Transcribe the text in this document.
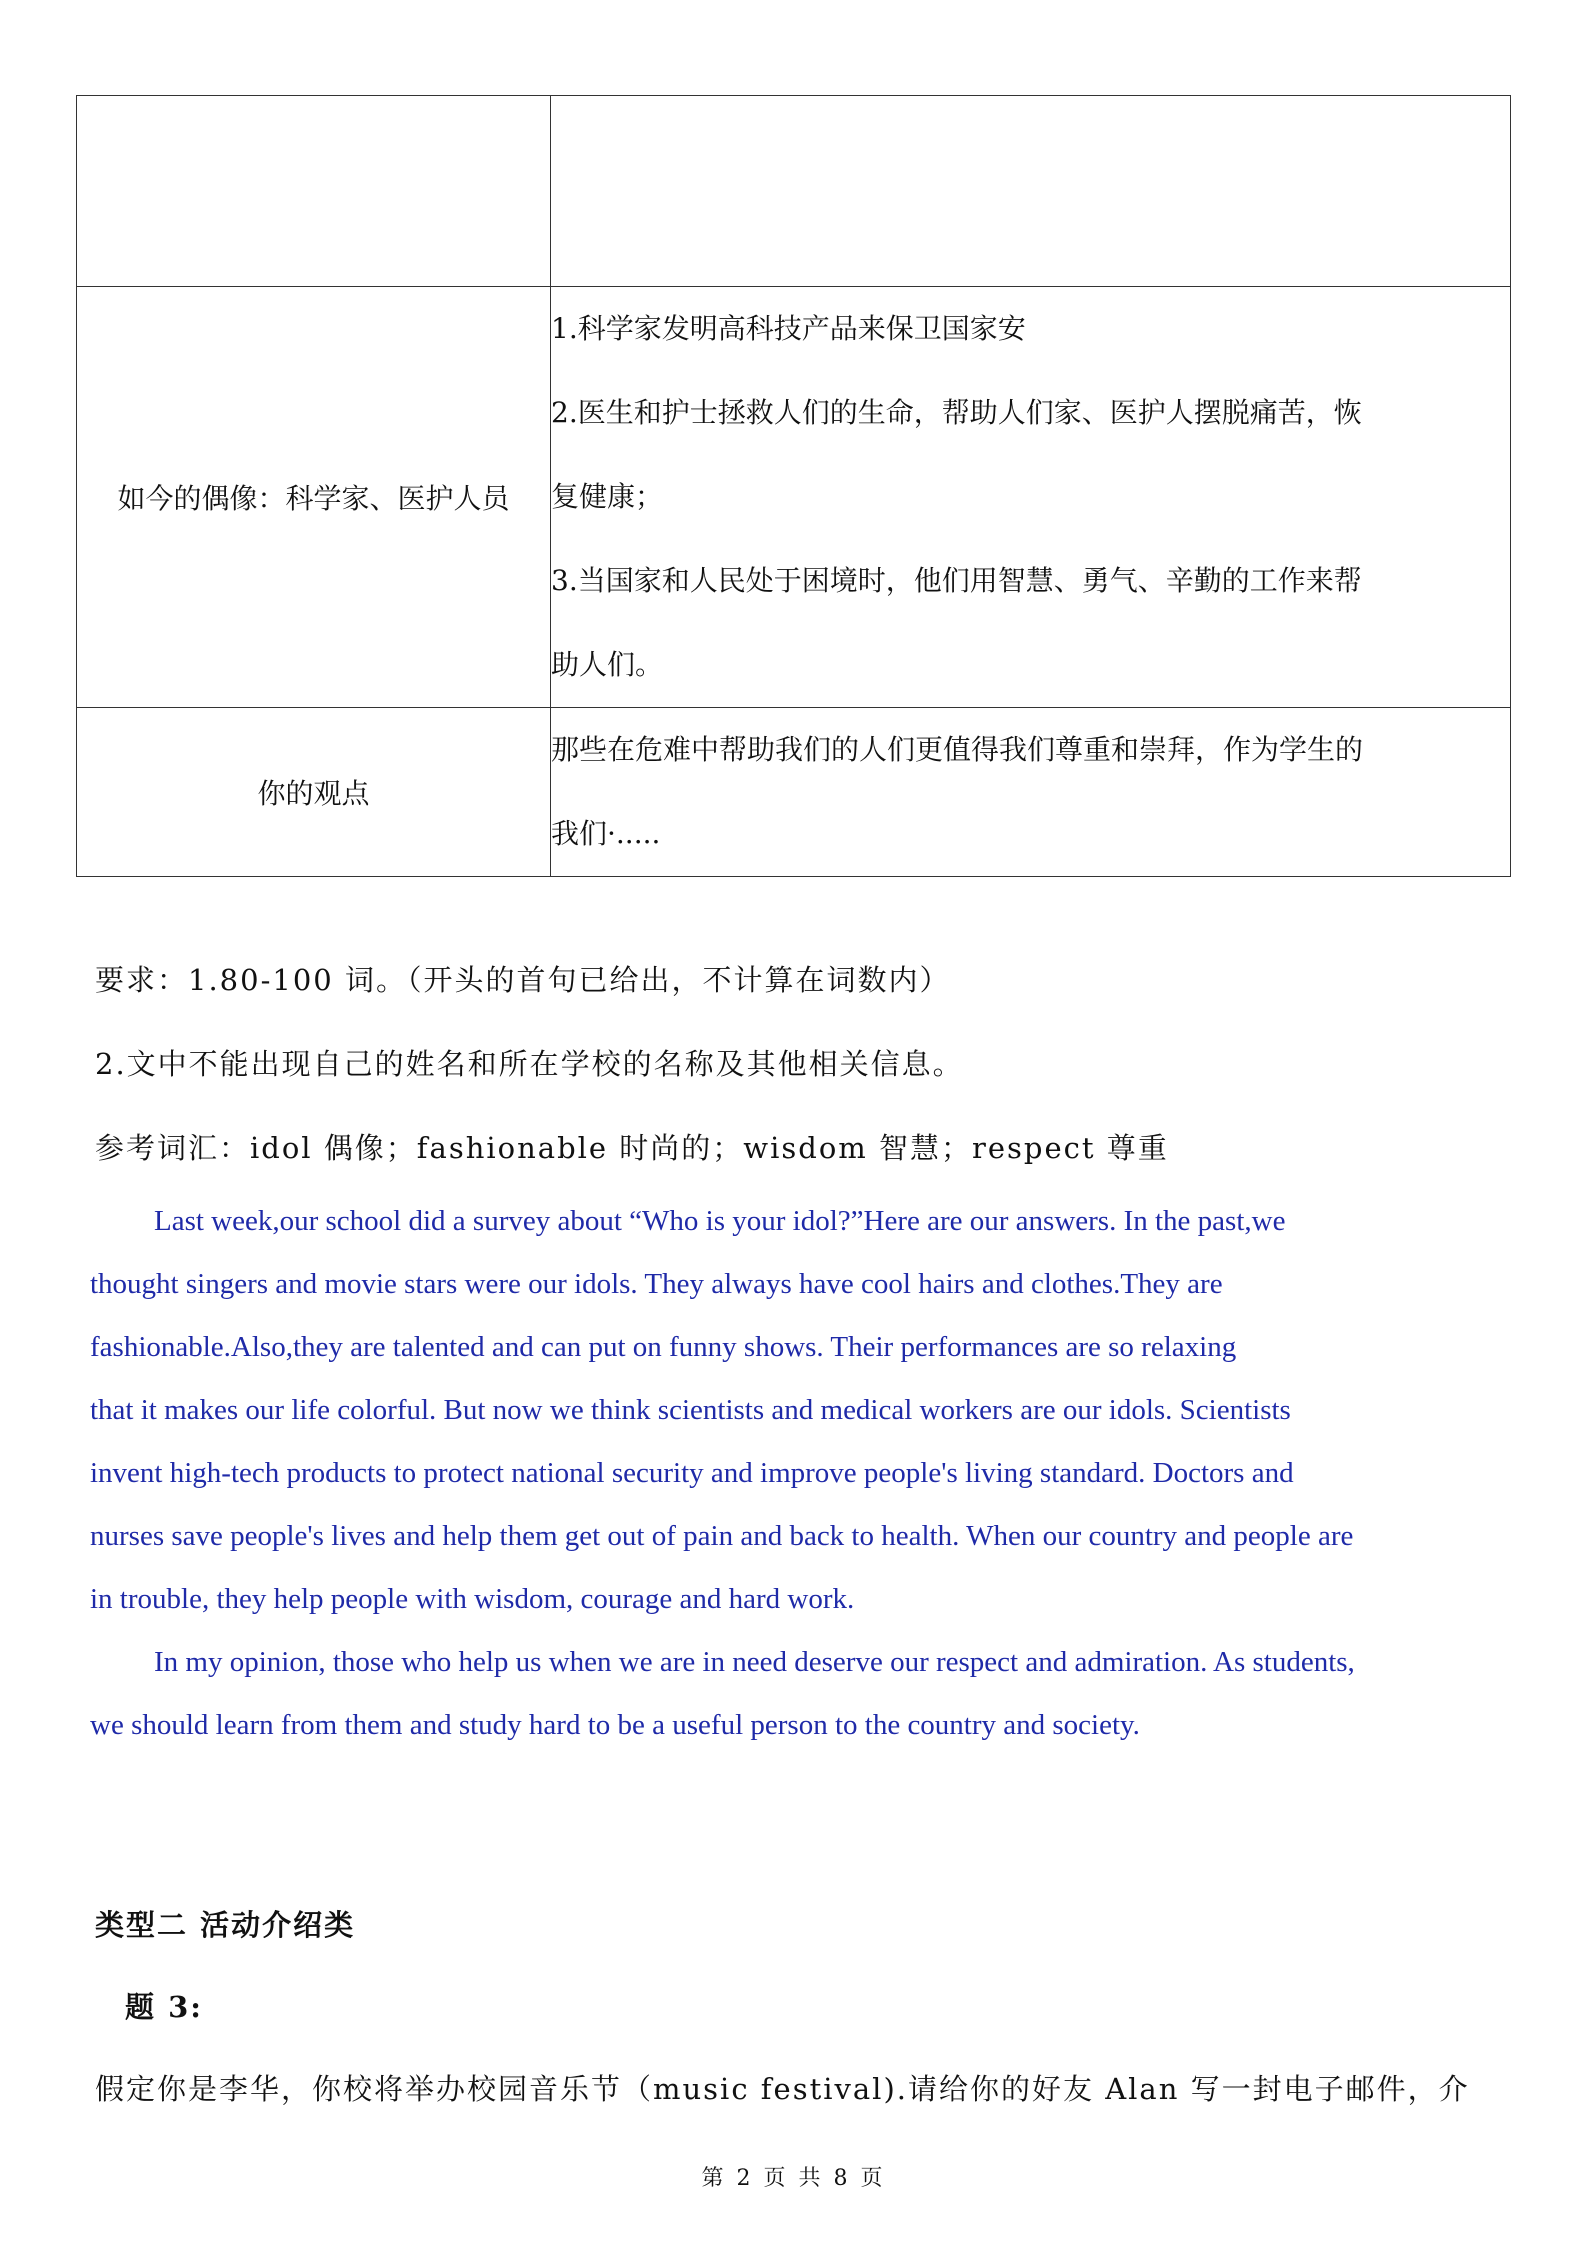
如今的偶像：科学家、医护人员	1.科学家发明高科技产品来保卫国家安

2.医生和护士拯救人们的生命，帮助人们家、医护人摆脱痛苦，恢

复健康；

3.当国家和人民处于困境时，他们用智慧、勇气、辛勤的工作来帮

助人们。

你的观点	那些在危难中帮助我们的人们更值得我们尊重和崇拜，作为学生的

我们·.....

要求：1.80-100 词。（开头的首句已给出，不计算在词数内）

2.文中不能出现自己的姓名和所在学校的名称及其他相关信息。

参考词汇：idol 偶像；fashionable 时尚的；wisdom 智慧；respect 尊重

Last week,our school did a survey about “Who is your idol?”Here are our answers. In the past,we

thought singers and movie stars were our idols. They always have cool hairs and clothes.They are

fashionable.Also,they are talented and can put on funny shows. Their performances are so relaxing

that it makes our life colorful. But now we think scientists and medical workers are our idols. Scientists

invent high-tech products to protect national security and improve people's living standard. Doctors and

nurses save people's lives and help them get out of pain and back to health. When our country and people are

in trouble, they help people with wisdom, courage and hard work.

In my opinion, those who help us when we are in need deserve our respect and admiration. As students,

we should learn from them and study hard to be a useful person to the country and society.

类型二 活动介绍类

题 3:

假定你是李华，你校将举办校园音乐节（music festival).请给你的好友 Alan 写一封电子邮件，介

第 2 页 共 8 页
